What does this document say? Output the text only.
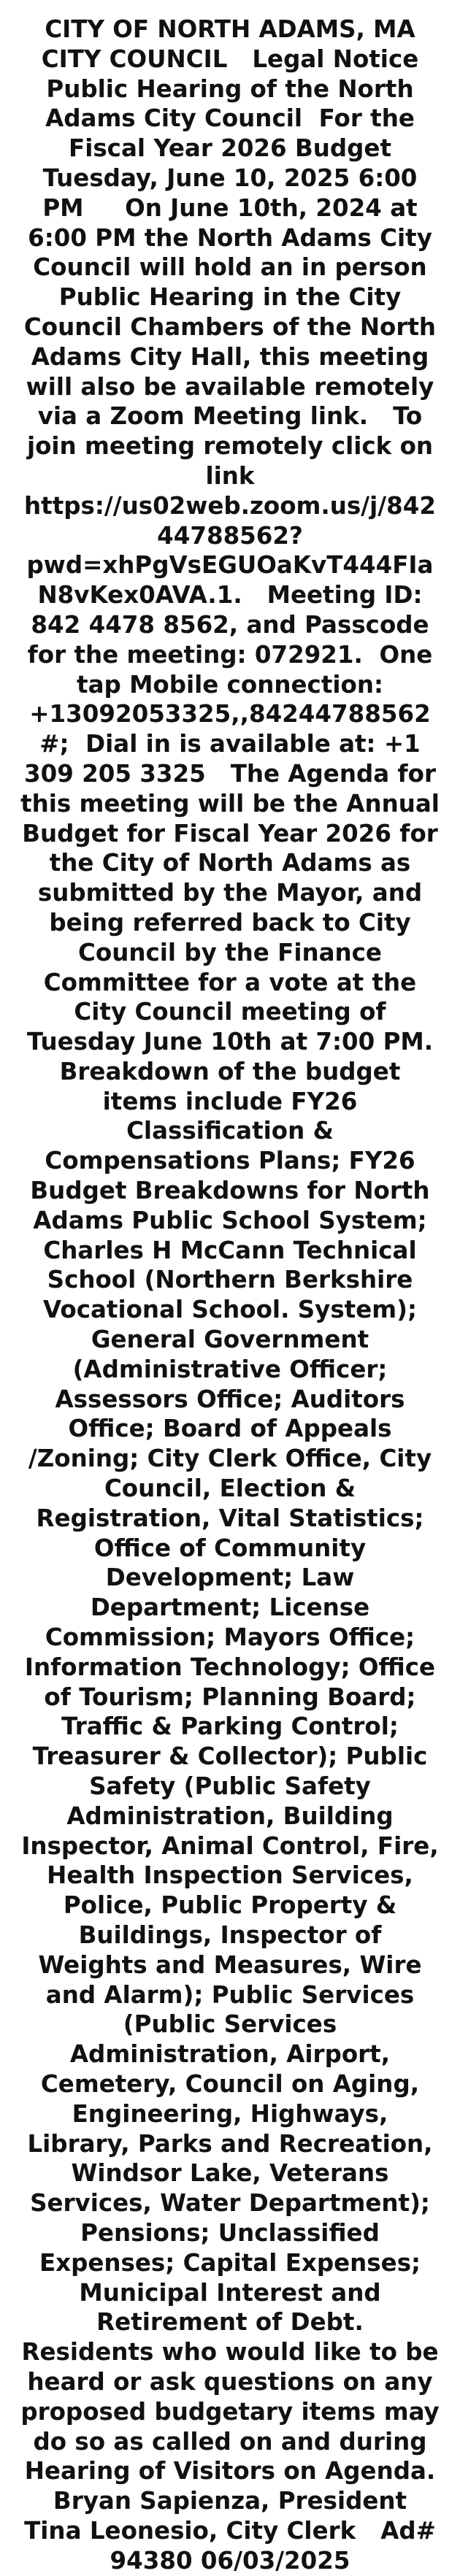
CITY OF NORTH ADAMS, MA CITY COUNCIL   Legal Notice   Public Hearing of the North Adams City Council  For the Fiscal Year 2026 Budget   Tuesday, June 10, 2025 6:00 PM     On June 10th, 2024 at 6:00 PM the North Adams City Council will hold an in person Public Hearing in the City Council Chambers of the North Adams City Hall, this meeting will also be available remotely via a Zoom Meeting link.   To join meeting remotely click on link https://us02web.zoom.us/j/84244788562?pwd=xhPgVsEGUOaKvT444FIaN8vKex0AVA.1.   Meeting ID: 842 4478 8562, and Passcode for the meeting: 072921.  One tap Mobile connection: +13092053325,,84244788562#;  Dial in is available at: +1 309 205 3325   The Agenda for this meeting will be the Annual Budget for Fiscal Year 2026 for the City of North Adams as submitted by the Mayor, and being referred back to City Council by the Finance Committee for a vote at the City Council meeting of Tuesday June 10th at 7:00 PM.   Breakdown of the budget items include FY26 Classification & Compensations Plans; FY26 Budget Breakdowns for North Adams Public School System; Charles H McCann Technical School (Northern Berkshire Vocational School. System); General Government (Administrative Officer; Assessors Office; Auditors Office; Board of Appeals /Zoning; City Clerk Office, City Council, Election & Registration, Vital Statistics; Office of Community Development; Law Department; License Commission; Mayors Office; Information Technology; Office of Tourism; Planning Board; Traffic & Parking Control; Treasurer & Collector); Public Safety (Public Safety Administration, Building Inspector, Animal Control, Fire, Health Inspection Services, Police, Public Property & Buildings, Inspector of Weights and Measures, Wire and Alarm); Public Services (Public Services Administration, Airport, Cemetery, Council on Aging, Engineering, Highways, Library, Parks and Recreation, Windsor Lake, Veterans Services, Water Department); Pensions; Unclassified Expenses; Capital Expenses; Municipal Interest and Retirement of Debt.   Residents who would like to be heard or ask questions on any proposed budgetary items may do so as called on and during Hearing of Visitors on Agenda.  Bryan Sapienza, President  Tina Leonesio, City Clerk   Ad# 94380 06/03/2025
